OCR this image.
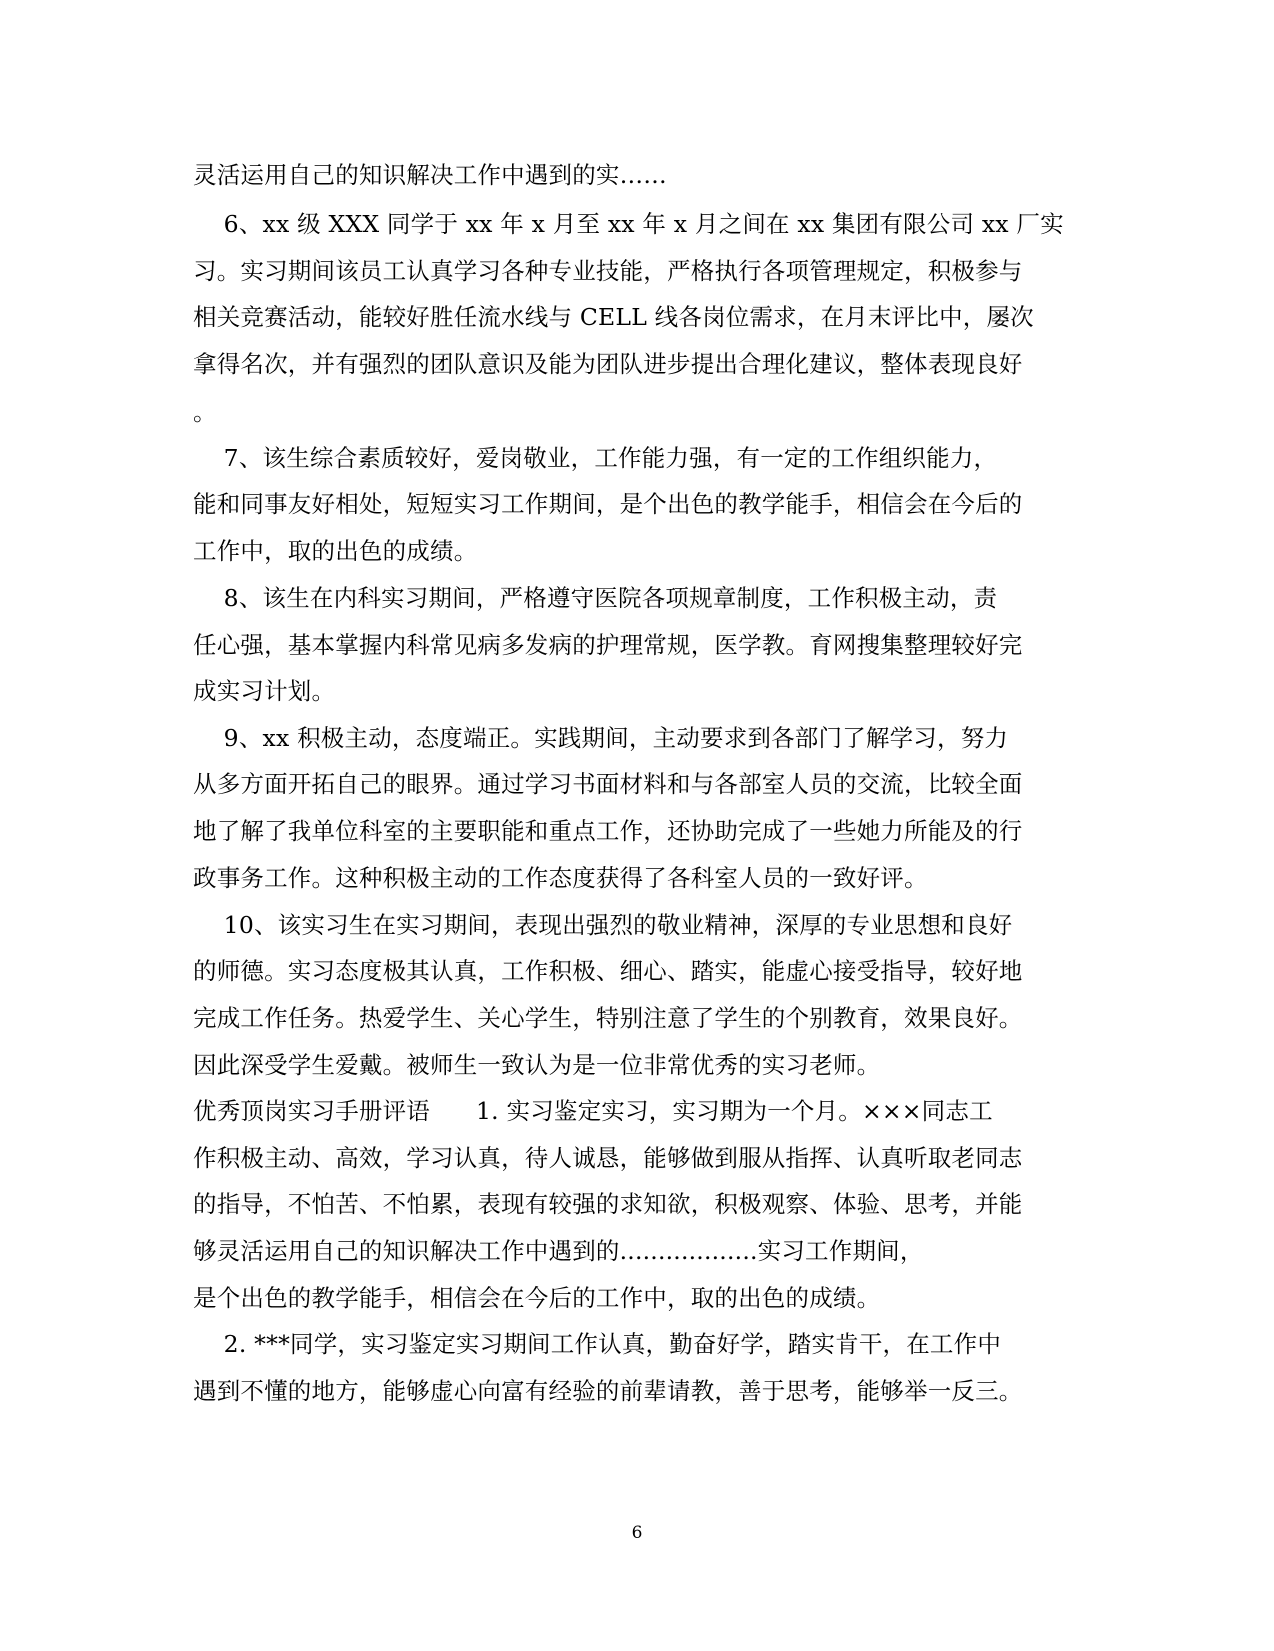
灵活运用自己的知识解决工作中遇到的实……
6、xx 级 XXX 同学于 xx 年 x 月至 xx 年 x 月之间在 xx 集团有限公司 xx 厂实
习。实习期间该员工认真学习各种专业技能，严格执行各项管理规定，积极参与
相关竞赛活动，能较好胜任流水线与 CELL 线各岗位需求，在月末评比中，屡次
拿得名次，并有强烈的团队意识及能为团队进步提出合理化建议，整体表现良好
。
7、该生综合素质较好，爱岗敬业，工作能力强，有一定的工作组织能力，
能和同事友好相处，短短实习工作期间，是个出色的教学能手，相信会在今后的
工作中，取的出色的成绩。
8、该生在内科实习期间，严格遵守医院各项规章制度，工作积极主动，责
任心强，基本掌握内科常见病多发病的护理常规，医学教。育网搜集整理较好完
成实习计划。
9、xx 积极主动，态度端正。实践期间，主动要求到各部门了解学习，努力
从多方面开拓自己的眼界。通过学习书面材料和与各部室人员的交流，比较全面
地了解了我单位科室的主要职能和重点工作，还协助完成了一些她力所能及的行
政事务工作。这种积极主动的工作态度获得了各科室人员的一致好评。
10、该实习生在实习期间，表现出强烈的敬业精神，深厚的专业思想和良好
的师德。实习态度极其认真，工作积极、细心、踏实，能虚心接受指导，较好地
完成工作任务。热爱学生、关心学生，特别注意了学生的个别教育，效果良好。
因此深受学生爱戴。被师生一致认为是一位非常优秀的实习老师。
优秀顶岗实习手册评语      1. 实习鉴定实习，实习期为一个月。×××同志工
作积极主动、高效，学习认真，待人诚恳，能够做到服从指挥、认真听取老同志
的指导，不怕苦、不怕累，表现有较强的求知欲，积极观察、体验、思考，并能
够灵活运用自己的知识解决工作中遇到的..................实习工作期间，
是个出色的教学能手，相信会在今后的工作中，取的出色的成绩。
2. ***同学，实习鉴定实习期间工作认真，勤奋好学，踏实肯干，在工作中
遇到不懂的地方，能够虚心向富有经验的前辈请教，善于思考，能够举一反三。
6
